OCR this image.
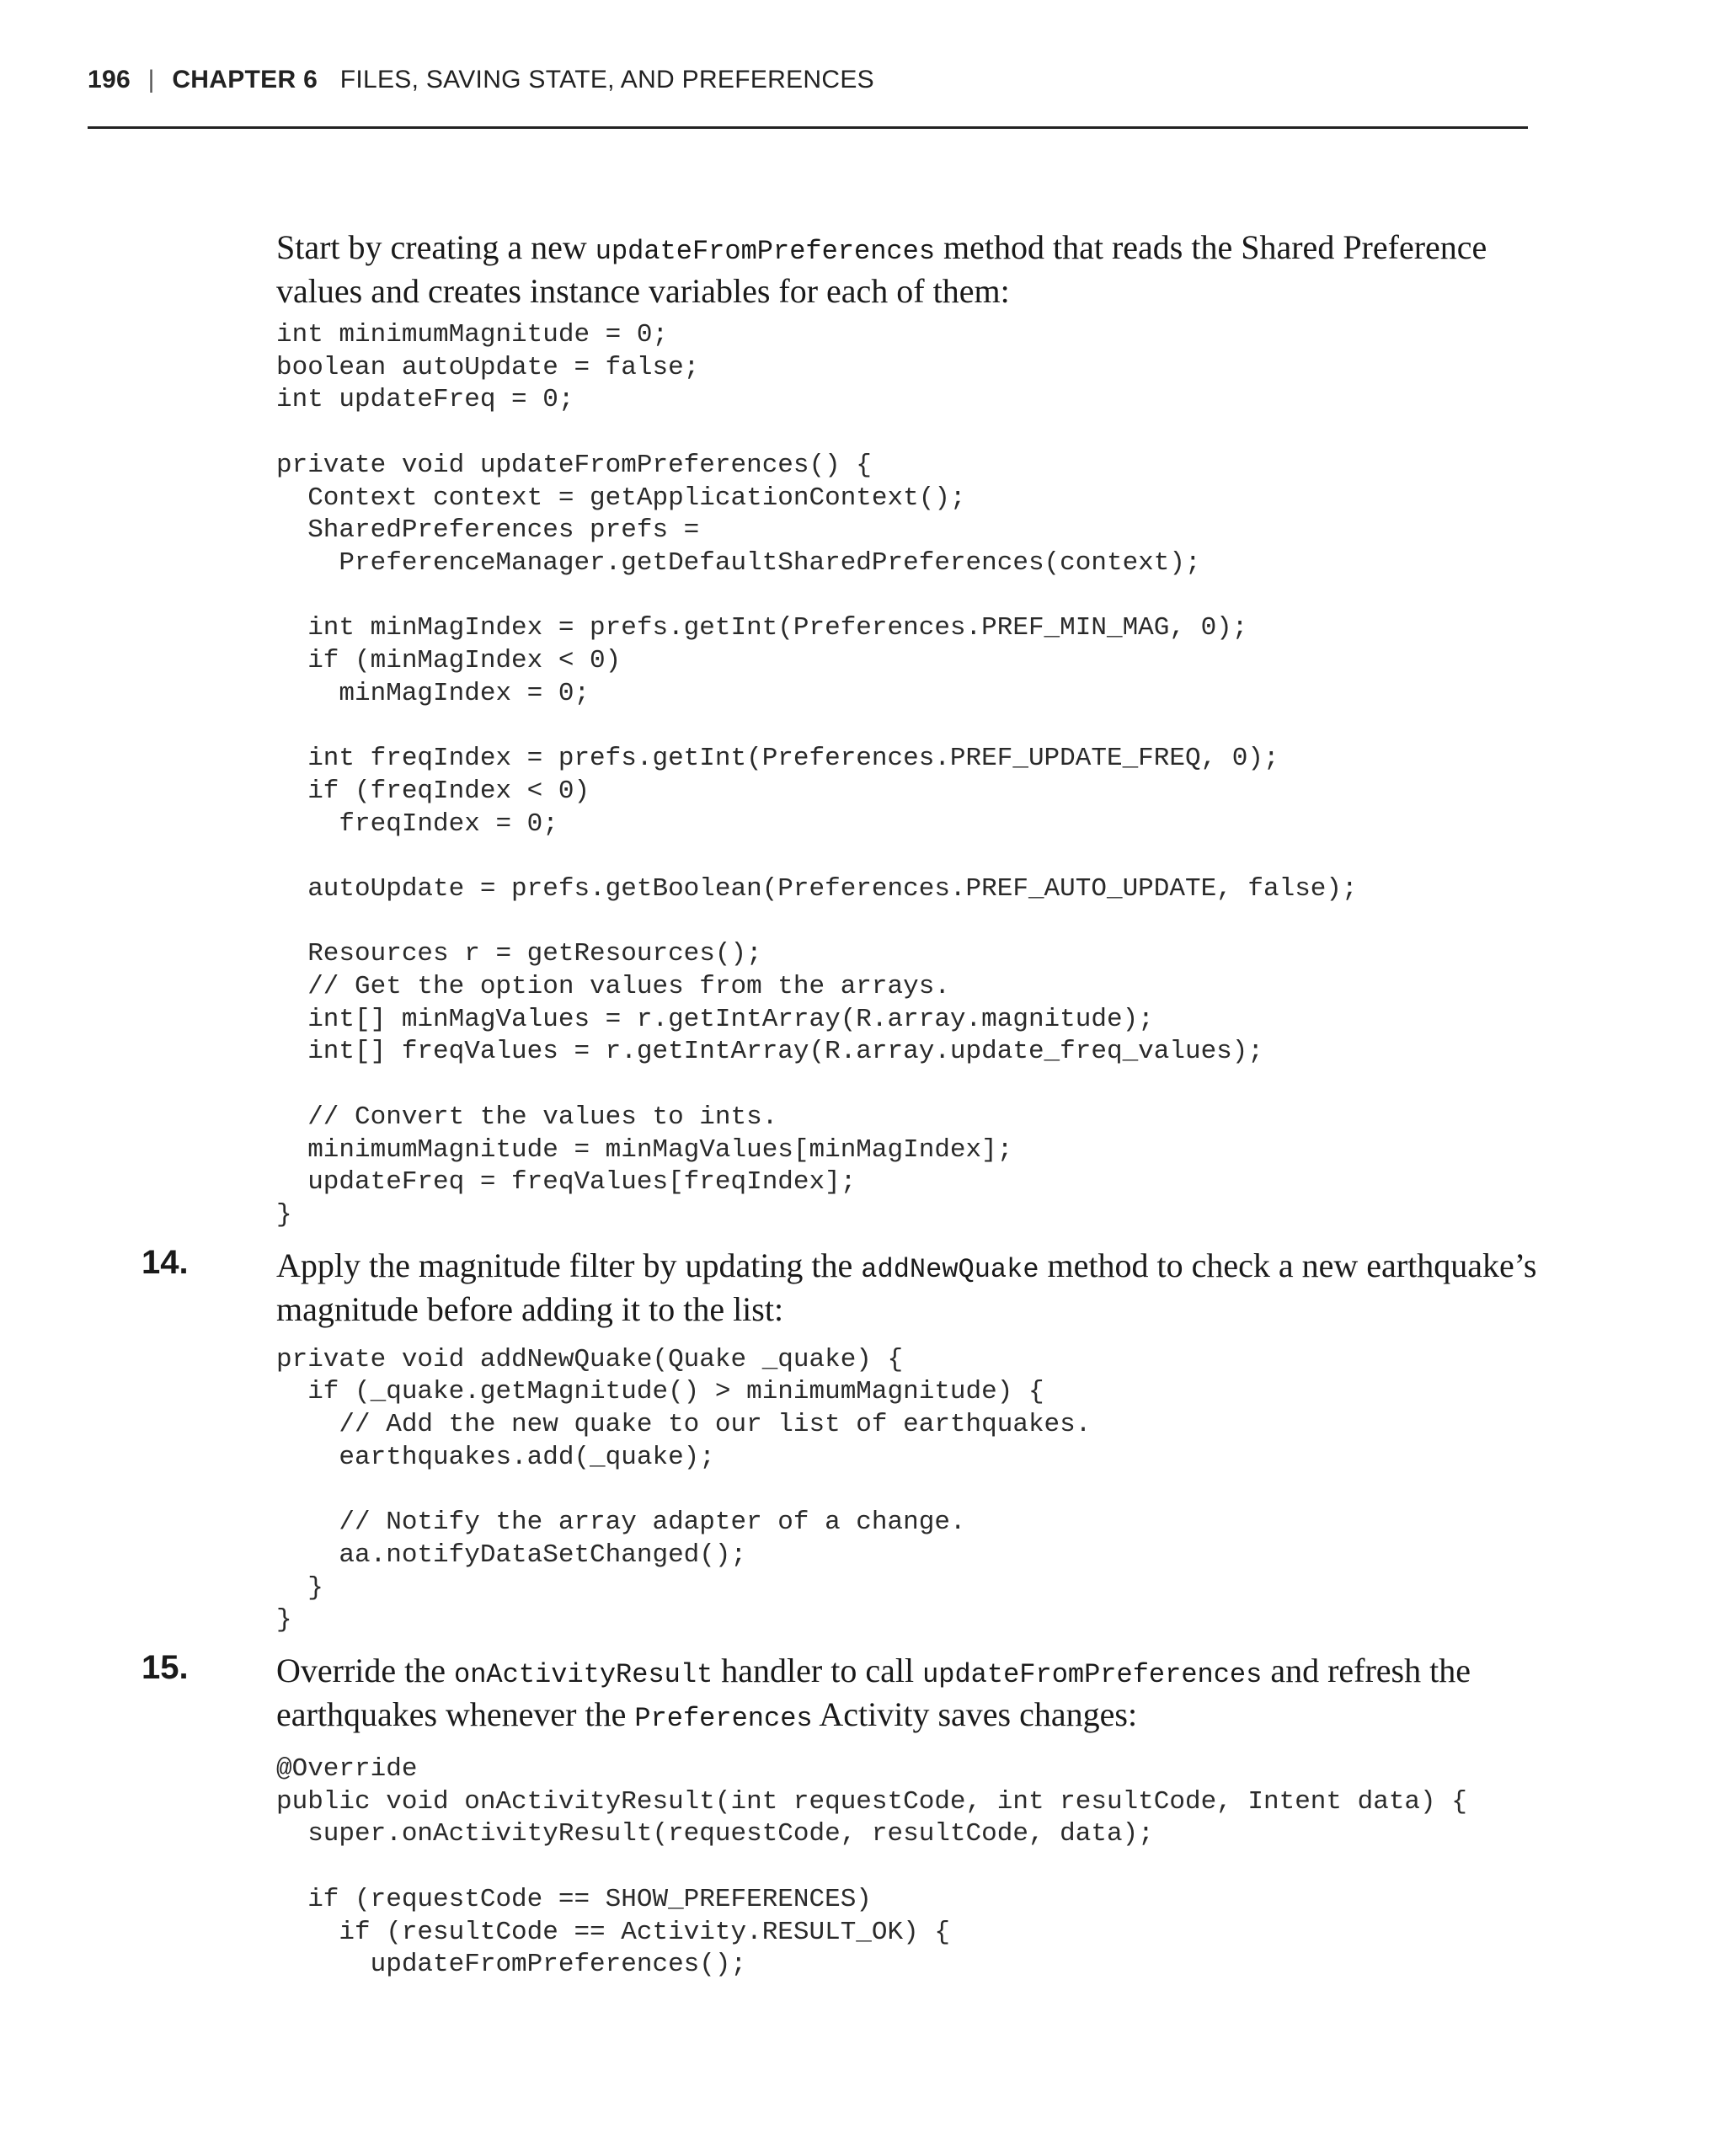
196 | CHAPTER 6 FILES, SAVING STATE, AND PREFERENCES

Start by creating a new updateFromPreferences method that reads the Shared Preference values and creates instance variables for each of them:

int minimumMagnitude = 0;
boolean autoUpdate = false;
int updateFreq = 0;

private void updateFromPreferences() {
Context context = getApplicationContext();
SharedPreferences prefs =
PreferenceManager.getDefaultSharedPreferences(context);

int minMagIndex = prefs.getInt(Preferences.PREF_MIN_MAG, 0);
if (minMagIndex < 0)
minMagIndex = 0;

int freqIndex = prefs.getInt(Preferences.PREF_UPDATE_FREQ, 0);
if (freqIndex < 0)
freqIndex = 0;

autoUpdate = prefs.getBoolean(Preferences.PREF_AUTO_UPDATE, false);

Resources r = getResources();
// Get the option values from the arrays.
int[] minMagValues = r.getIntArray(R.array.magnitude);
int[] freqValues = r.getIntArray(R.array.update_freq_values);

// Convert the values to ints.
minimumMagnitude = minMagValues[minMagIndex];
updateFreq = freqValues[freqIndex];
}
14.	Apply the magnitude filter by updating the addNewQuake method to check a new earthquake’s magnitude before adding it to the list:

private void addNewQuake(Quake _quake) {
if (_quake.getMagnitude() > minimumMagnitude) {
// Add the new quake to our list of earthquakes.
earthquakes.add(_quake);

// Notify the array adapter of a change.
aa.notifyDataSetChanged();
}
}
15.	Override the onActivityResult handler to call updateFromPreferences and refresh the earthquakes whenever the Preferences Activity saves changes:

@Override
public void onActivityResult(int requestCode, int resultCode, Intent data) {
super.onActivityResult(requestCode, resultCode, data);

if (requestCode == SHOW_PREFERENCES)
if (resultCode == Activity.RESULT_OK) {
updateFromPreferences();
